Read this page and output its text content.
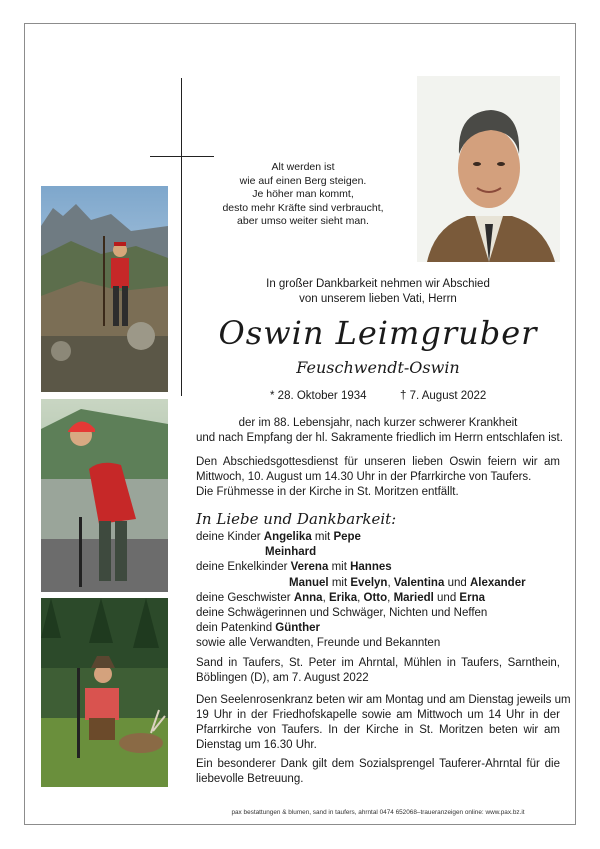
Alt werden ist
wie auf einen Berg steigen.
Je höher man kommt,
desto mehr Kräfte sind verbraucht,
aber umso weiter sieht man.
In großer Dankbarkeit nehmen wir Abschied
von unserem lieben Vati, Herrn
Oswin Leimgruber
Feuschwendt-Oswin
* 28. Oktober 1934	† 7. August 2022
der im 88. Lebensjahr, nach kurzer schwerer Krankheit
und nach Empfang der hl. Sakramente friedlich im Herrn entschlafen ist.
Den Abschiedsgottesdienst für unseren lieben Oswin feiern wir am
Mittwoch, 10. August um 14.30 Uhr in der Pfarrkirche von Taufers.
Die Frühmesse in der Kirche in St. Moritzen entfällt.
In Liebe und Dankbarkeit:
deine Kinder Angelika mit Pepe
Meinhard
deine Enkelkinder Verena mit Hannes
Manuel mit Evelyn, Valentina und Alexander
deine Geschwister Anna, Erika, Otto, Mariedl und Erna
deine Schwägerinnen und Schwäger, Nichten und Neffen
dein Patenkind Günther
sowie alle Verwandten, Freunde und Bekannten
Sand in Taufers, St. Peter im Ahrntal, Mühlen in Taufers, Sarnthein,
Böblingen (D), am 7. August 2022
Den Seelenrosenkranz beten wir am Montag und am Dienstag jeweils um
19 Uhr in der Friedhofskapelle sowie am Mittwoch um 14 Uhr in der
Pfarrkirche von Taufers. In der Kirche in St. Moritzen beten wir am
Dienstag um 16.30 Uhr.
Ein besonderer Dank gilt dem Sozialsprengel Tauferer-Ahrntal für die
liebevolle Betreuung.
pax bestattungen & blumen, sand in taufers, ahrntal 0474 652068–traueranzeigen online: www.pax.bz.it
